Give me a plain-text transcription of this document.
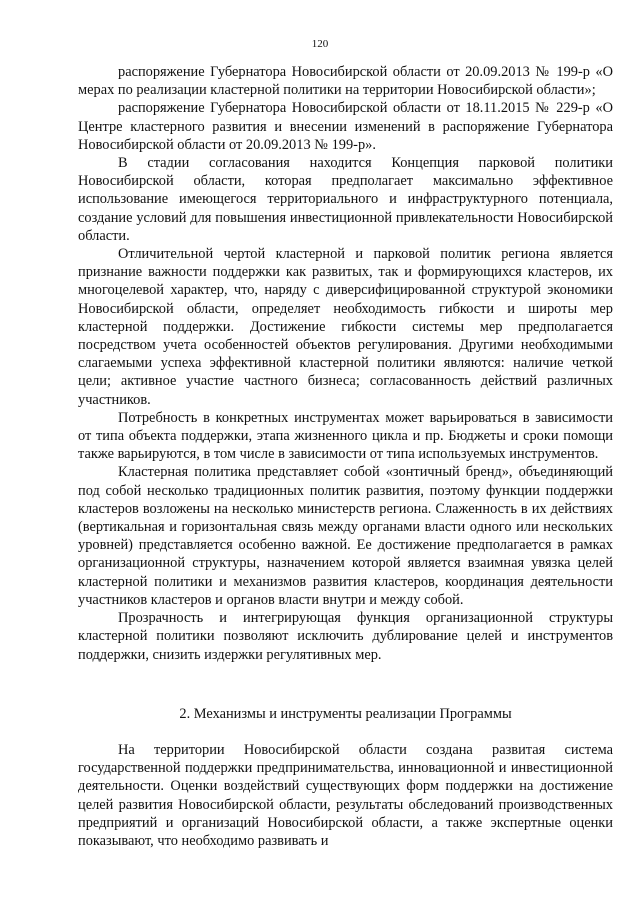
120

распоряжение Губернатора Новосибирской области от 20.09.2013 № 199-р «О мерах по реализации кластерной политики на территории Новосибирской области»;

распоряжение Губернатора Новосибирской области от 18.11.2015 № 229-р «О Центре кластерного развития и внесении изменений в распоряжение Губернатора Новосибирской области от 20.09.2013 № 199-р».

В стадии согласования находится Концепция парковой политики Новосибирской области, которая предполагает максимально эффективное использование имеющегося территориального и инфраструктурного потенциала, создание условий для повышения инвестиционной привлекательности Новосибирской области.

Отличительной чертой кластерной и парковой политик региона является признание важности поддержки как развитых, так и формирующихся кластеров, их многоцелевой характер, что, наряду с диверсифицированной структурой экономики Новосибирской области, определяет необходимость гибкости и широты мер кластерной поддержки. Достижение гибкости системы мер предполагается посредством учета особенностей объектов регулирования. Другими необходимыми слагаемыми успеха эффективной кластерной политики являются: наличие четкой цели; активное участие частного бизнеса; согласованность действий различных участников.

Потребность в конкретных инструментах может варьироваться в зависимости от типа объекта поддержки, этапа жизненного цикла и пр. Бюджеты и сроки помощи также варьируются, в том числе в зависимости от типа используемых инструментов.

Кластерная политика представляет собой «зонтичный бренд», объединяющий под собой несколько традиционных политик развития, поэтому функции поддержки кластеров возложены на несколько министерств региона. Слаженность в их действиях (вертикальная и горизонтальная связь между органами власти одного или нескольких уровней) представляется особенно важной. Ее достижение предполагается в рамках организационной структуры, назначением которой является взаимная увязка целей кластерной политики и механизмов развития кластеров, координация деятельности участников кластеров и органов власти внутри и между собой.

Прозрачность и интегрирующая функция организационной структуры кластерной политики позволяют исключить дублирование целей и инструментов поддержки, снизить издержки регулятивных мер.

2. Механизмы и инструменты реализации Программы

На территории Новосибирской области создана развитая система государственной поддержки предпринимательства, инновационной и инвестиционной деятельности. Оценки воздействий существующих форм поддержки на достижение целей развития Новосибирской области, результаты обследований производственных предприятий и организаций Новосибирской области, а также экспертные оценки показывают, что необходимо развивать и
